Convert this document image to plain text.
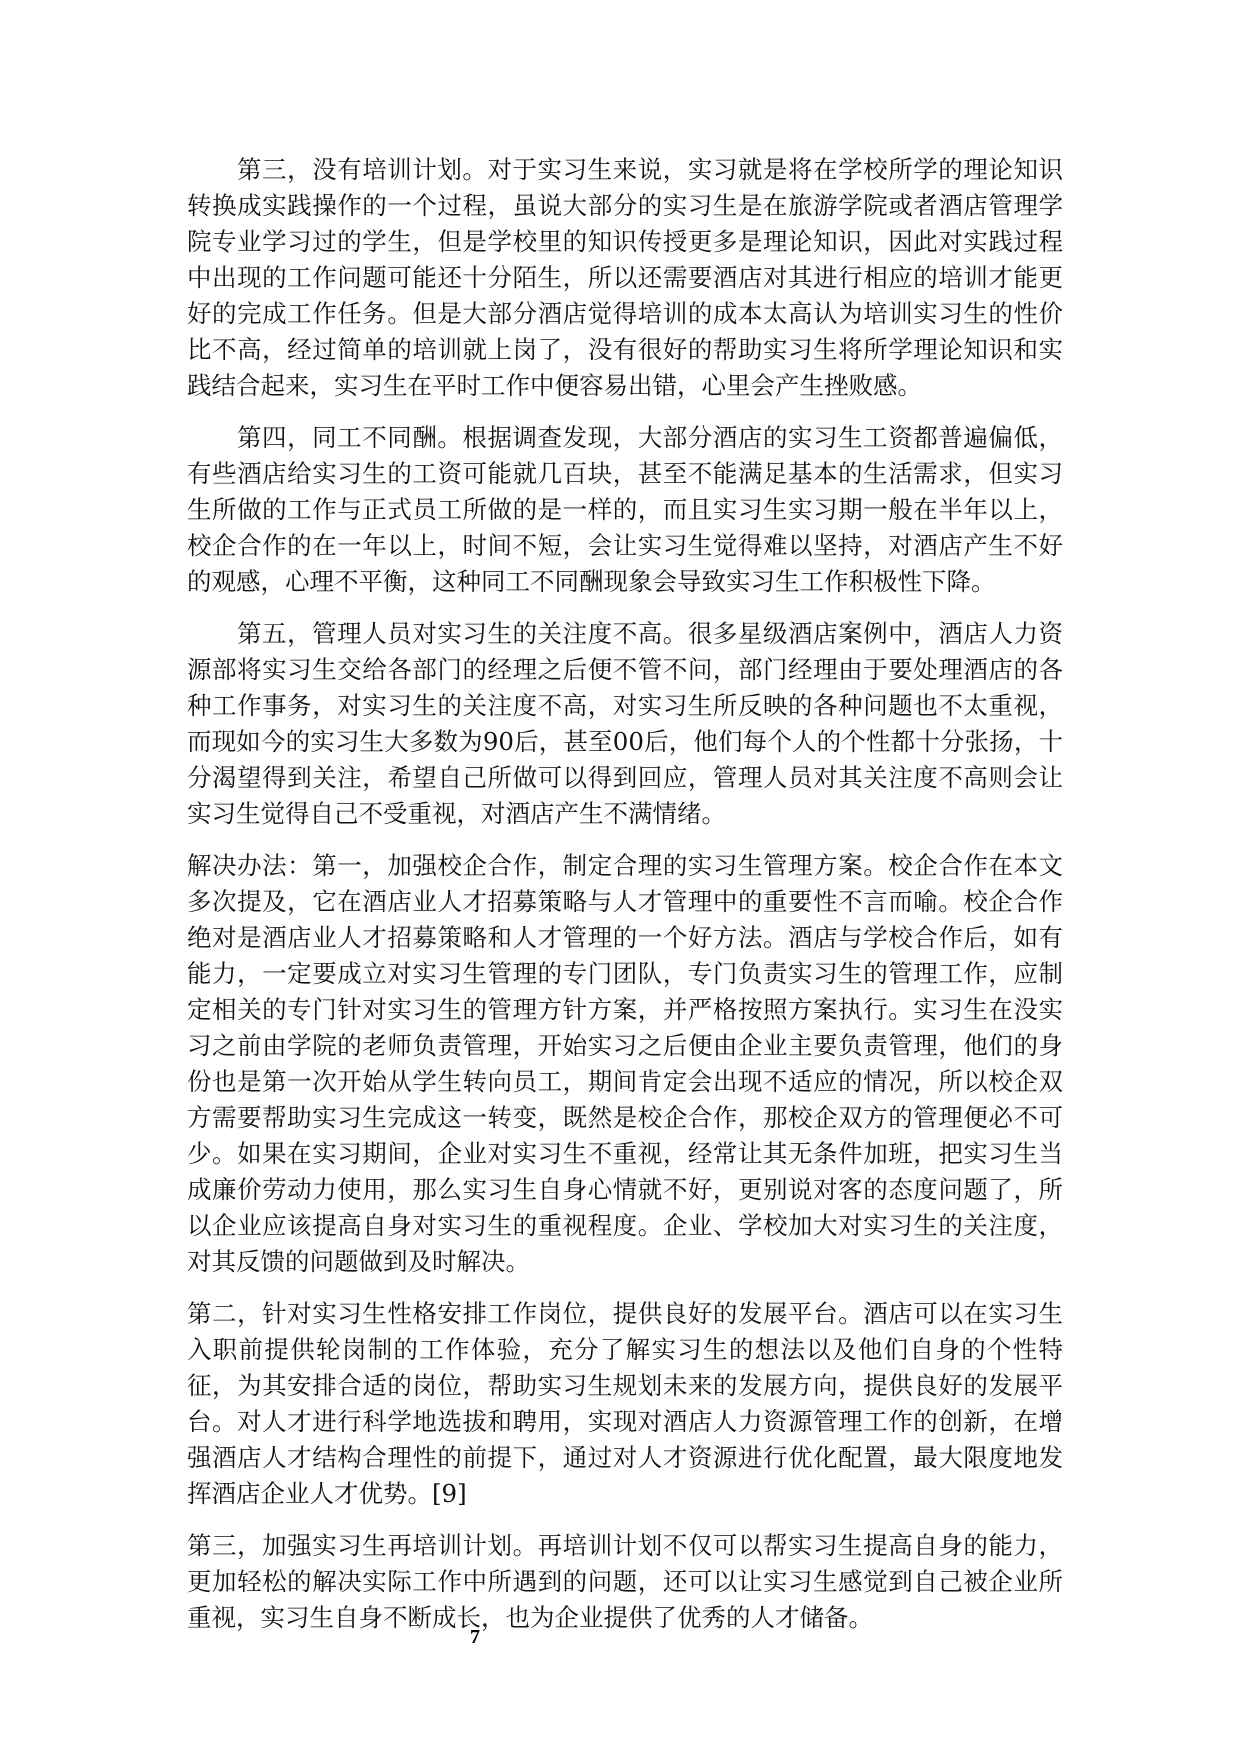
第三，没有培训计划。对于实习生来说，实习就是将在学校所学的理论知识转换成实践操作的一个过程，虽说大部分的实习生是在旅游学院或者酒店管理学院专业学习过的学生，但是学校里的知识传授更多是理论知识，因此对实践过程中出现的工作问题可能还十分陌生，所以还需要酒店对其进行相应的培训才能更好的完成工作任务。但是大部分酒店觉得培训的成本太高认为培训实习生的性价比不高，经过简单的培训就上岗了，没有很好的帮助实习生将所学理论知识和实践结合起来，实习生在平时工作中便容易出错，心里会产生挫败感。

第四，同工不同酬。根据调查发现，大部分酒店的实习生工资都普遍偏低，有些酒店给实习生的工资可能就几百块，甚至不能满足基本的生活需求，但实习生所做的工作与正式员工所做的是一样的，而且实习生实习期一般在半年以上，校企合作的在一年以上，时间不短，会让实习生觉得难以坚持，对酒店产生不好的观感，心理不平衡，这种同工不同酬现象会导致实习生工作积极性下降。

第五，管理人员对实习生的关注度不高。很多星级酒店案例中，酒店人力资源部将实习生交给各部门的经理之后便不管不问，部门经理由于要处理酒店的各种工作事务，对实习生的关注度不高，对实习生所反映的各种问题也不太重视，而现如今的实习生大多数为90后，甚至00后，他们每个人的个性都十分张扬，十分渴望得到关注，希望自己所做可以得到回应，管理人员对其关注度不高则会让实习生觉得自己不受重视，对酒店产生不满情绪。

解决办法：第一，加强校企合作，制定合理的实习生管理方案。校企合作在本文多次提及，它在酒店业人才招募策略与人才管理中的重要性不言而喻。校企合作绝对是酒店业人才招募策略和人才管理的一个好方法。酒店与学校合作后，如有能力，一定要成立对实习生管理的专门团队，专门负责实习生的管理工作，应制定相关的专门针对实习生的管理方针方案，并严格按照方案执行。实习生在没实习之前由学院的老师负责管理，开始实习之后便由企业主要负责管理，他们的身份也是第一次开始从学生转向员工，期间肯定会出现不适应的情况，所以校企双方需要帮助实习生完成这一转变，既然是校企合作，那校企双方的管理便必不可少。如果在实习期间，企业对实习生不重视，经常让其无条件加班，把实习生当成廉价劳动力使用，那么实习生自身心情就不好，更别说对客的态度问题了，所以企业应该提高自身对实习生的重视程度。企业、学校加大对实习生的关注度，对其反馈的问题做到及时解决。

第二，针对实习生性格安排工作岗位，提供良好的发展平台。酒店可以在实习生入职前提供轮岗制的工作体验，充分了解实习生的想法以及他们自身的个性特征，为其安排合适的岗位，帮助实习生规划未来的发展方向，提供良好的发展平台。对人才进行科学地选拔和聘用，实现对酒店人力资源管理工作的创新，在增强酒店人才结构合理性的前提下，通过对人才资源进行优化配置，最大限度地发挥酒店企业人才优势。[9]

第三，加强实习生再培训计划。再培训计划不仅可以帮实习生提高自身的能力，更加轻松的解决实际工作中所遇到的问题，还可以让实习生感觉到自己被企业所重视，实习生自身不断成长，也为企业提供了优秀的人才储备。

7
